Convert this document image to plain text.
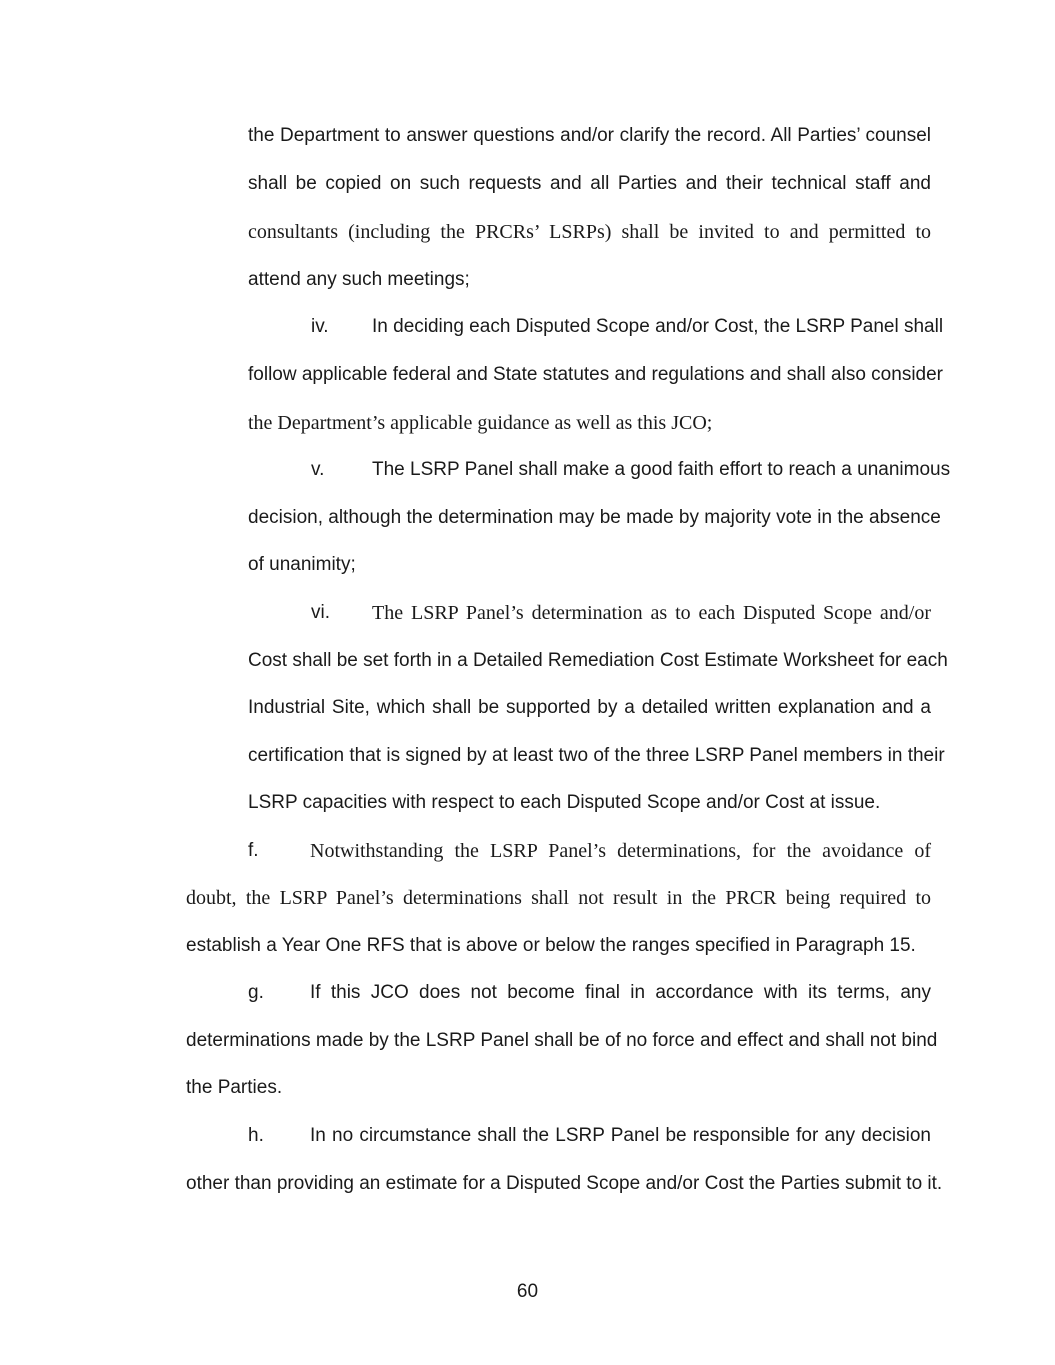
the Department to answer questions and/or clarify the record. All Parties’ counsel
shall be copied on such requests and all Parties and their technical staff and
consultants (including the PRCRs’ LSRPs) shall be invited to and permitted to
attend any such meetings;
iv. In deciding each Disputed Scope and/or Cost, the LSRP Panel shall
follow applicable federal and State statutes and regulations and shall also consider
the Department’s applicable guidance as well as this JCO;
v.	The LSRP Panel shall make a good faith effort to reach a unanimous
decision, although the determination may be made by majority vote in the absence
of unanimity;
vi. The LSRP Panel’s determination as to each Disputed Scope and/or
Cost shall be set forth in a Detailed Remediation Cost Estimate Worksheet for each
Industrial Site, which shall be supported by a detailed written explanation and a
certification that is signed by at least two of the three LSRP Panel members in their
LSRP capacities with respect to each Disputed Scope and/or Cost at issue.
f.	Notwithstanding the LSRP Panel’s determinations, for the avoidance of
doubt, the LSRP Panel’s determinations shall not result in the PRCR being required to
establish a Year One RFS that is above or below the ranges specified in Paragraph 15.
g. If this JCO does not become final in accordance with its terms, any
determinations made by the LSRP Panel shall be of no force and effect and shall not bind
the Parties.
h. In no circumstance shall the LSRP Panel be responsible for any decision
other than providing an estimate for a Disputed Scope and/or Cost the Parties submit to it.
60
